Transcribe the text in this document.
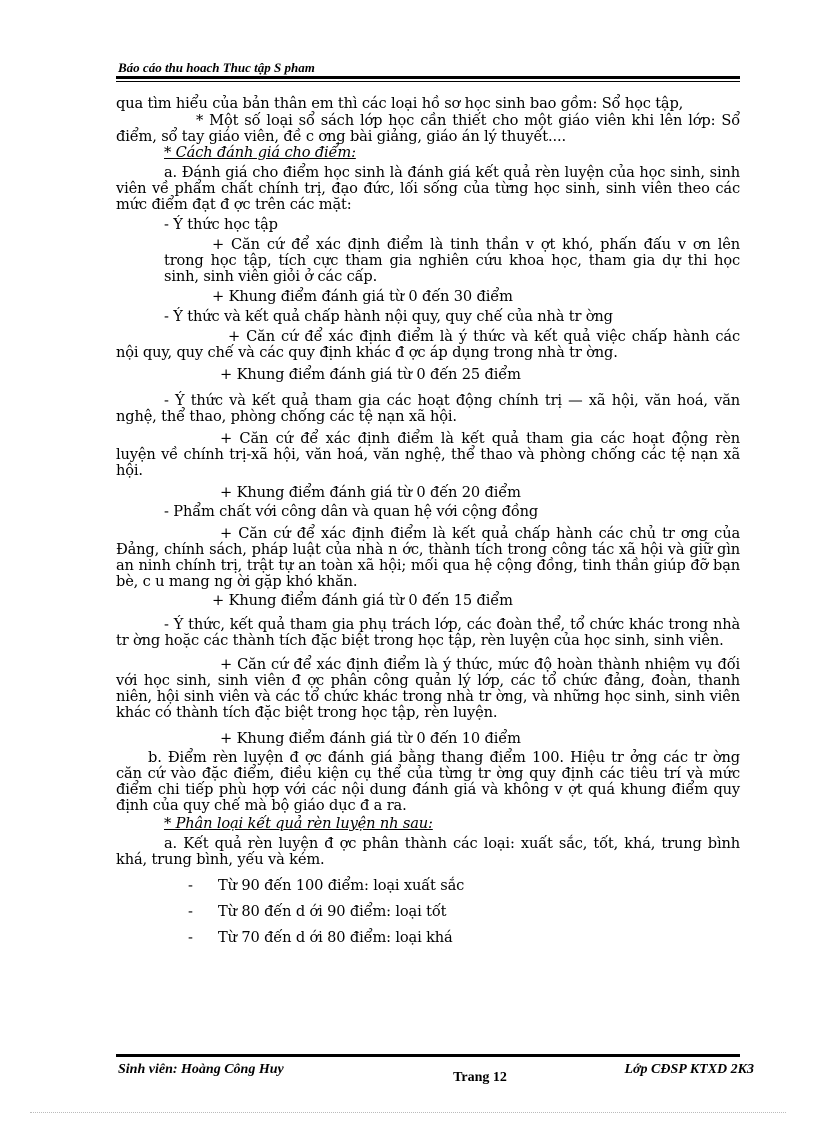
Báo cáo thu hoach Thuc tập S pham

qua tìm hiểu của bản thân em thì các loại hồ sơ học sinh bao gồm: Sổ học tập,

* Một số loại sổ sách lớp học cần thiết cho một giáo viên khi lên lớp: Sổ điểm, sổ tay giáo viên, đề c ơng bài giảng, giáo án lý thuyết....

* Cách đánh giá cho điểm:

a. Đánh giá cho điểm học sinh là đánh giá kết quả rèn luyện của học sinh, sinh viên về phẩm chất chính trị, đạo đức, lối sống của từng học sinh, sinh viên theo các mức điểm đạt đ ợc trên các mặt:

- Ý thức học tập

+ Căn cứ để xác định điểm là tinh thần v ợt khó, phấn đấu v ơn lên trong học tập, tích cực tham gia nghiên cứu khoa học, tham gia dự thi học sinh, sinh viên giỏi ở các cấp.

+ Khung điểm đánh giá từ 0 đến 30 điểm

- Ý thức và kết quả chấp hành nội quy, quy chế của nhà tr ờng

+ Căn cứ để xác định điểm là ý thức và kết quả việc chấp hành các nội quy, quy chế và các quy định khác đ ợc áp dụng trong nhà tr ờng.

+ Khung điểm đánh giá từ 0 đến 25 điểm

- Ý thức và kết quả tham gia các hoạt động chính trị — xã hội, văn hoá, văn nghệ, thể thao, phòng chống các tệ nạn xã hội.

+ Căn cứ để xác định điểm là kết quả tham gia các hoạt động rèn luyện về chính trị-xã hội, văn hoá, văn nghệ, thể thao và phòng chống các tệ nạn xã hội.

+ Khung điểm đánh giá từ 0 đến 20 điểm

- Phẩm chất với công dân và quan hệ với cộng đồng

+ Căn cứ để xác định điểm là kết quả chấp hành các chủ tr ơng của Đảng, chính sách, pháp luật của nhà n ớc, thành tích trong công tác xã hội và giữ gìn an ninh chính trị, trật tự an toàn xã hội; mối qua hệ cộng đồng, tinh thần giúp đỡ bạn bè, c u mang ng ời gặp khó khăn.

+ Khung điểm đánh giá từ 0 đến 15 điểm

- Ý thức, kết quả tham gia phụ trách lớp, các đoàn thể, tổ chức khác trong nhà tr ờng hoặc các thành tích đặc biệt trong học tập, rèn luyện của học sinh, sinh viên.

+ Căn cứ để xác định điểm là ý thức, mức độ hoàn thành nhiệm vụ đối với học sinh, sinh viên đ ợc phân công quản lý lớp, các tổ chức đảng, đoàn, thanh niên, hội sinh viên và các tổ chức khác trong nhà tr ờng, và những học sinh, sinh viên khác có thành tích đặc biệt trong học tập, rèn luyện.

+ Khung điểm đánh giá từ 0 đến 10 điểm

b. Điểm rèn luyện đ ợc đánh giá bằng thang điểm 100. Hiệu tr ởng các tr ờng căn cứ vào đặc điểm, điều kiện cụ thể của từng tr ờng quy định các tiêu trí và mức điểm chi tiếp phù hợp với các nội dung đánh giá và không v ợt quá khung điểm quy định của quy chế mà bộ giáo dục đ a ra.

* Phân loại kết quả rèn luyện nh sau:

a. Kết quả rèn luyện đ ợc phân thành các loại: xuất sắc, tốt, khá, trung bình khá, trung bình, yếu và kém.

-	Từ 90 đến 100 điểm: loại xuất sắc
-	Từ 80 đến d ới 90 điểm: loại tốt
-	Từ 70 đến d ới 80 điểm: loại khá
Sinh viên: Hoàng Công Huy
Trang 12
Lớp CĐSP KTXD 2K3
